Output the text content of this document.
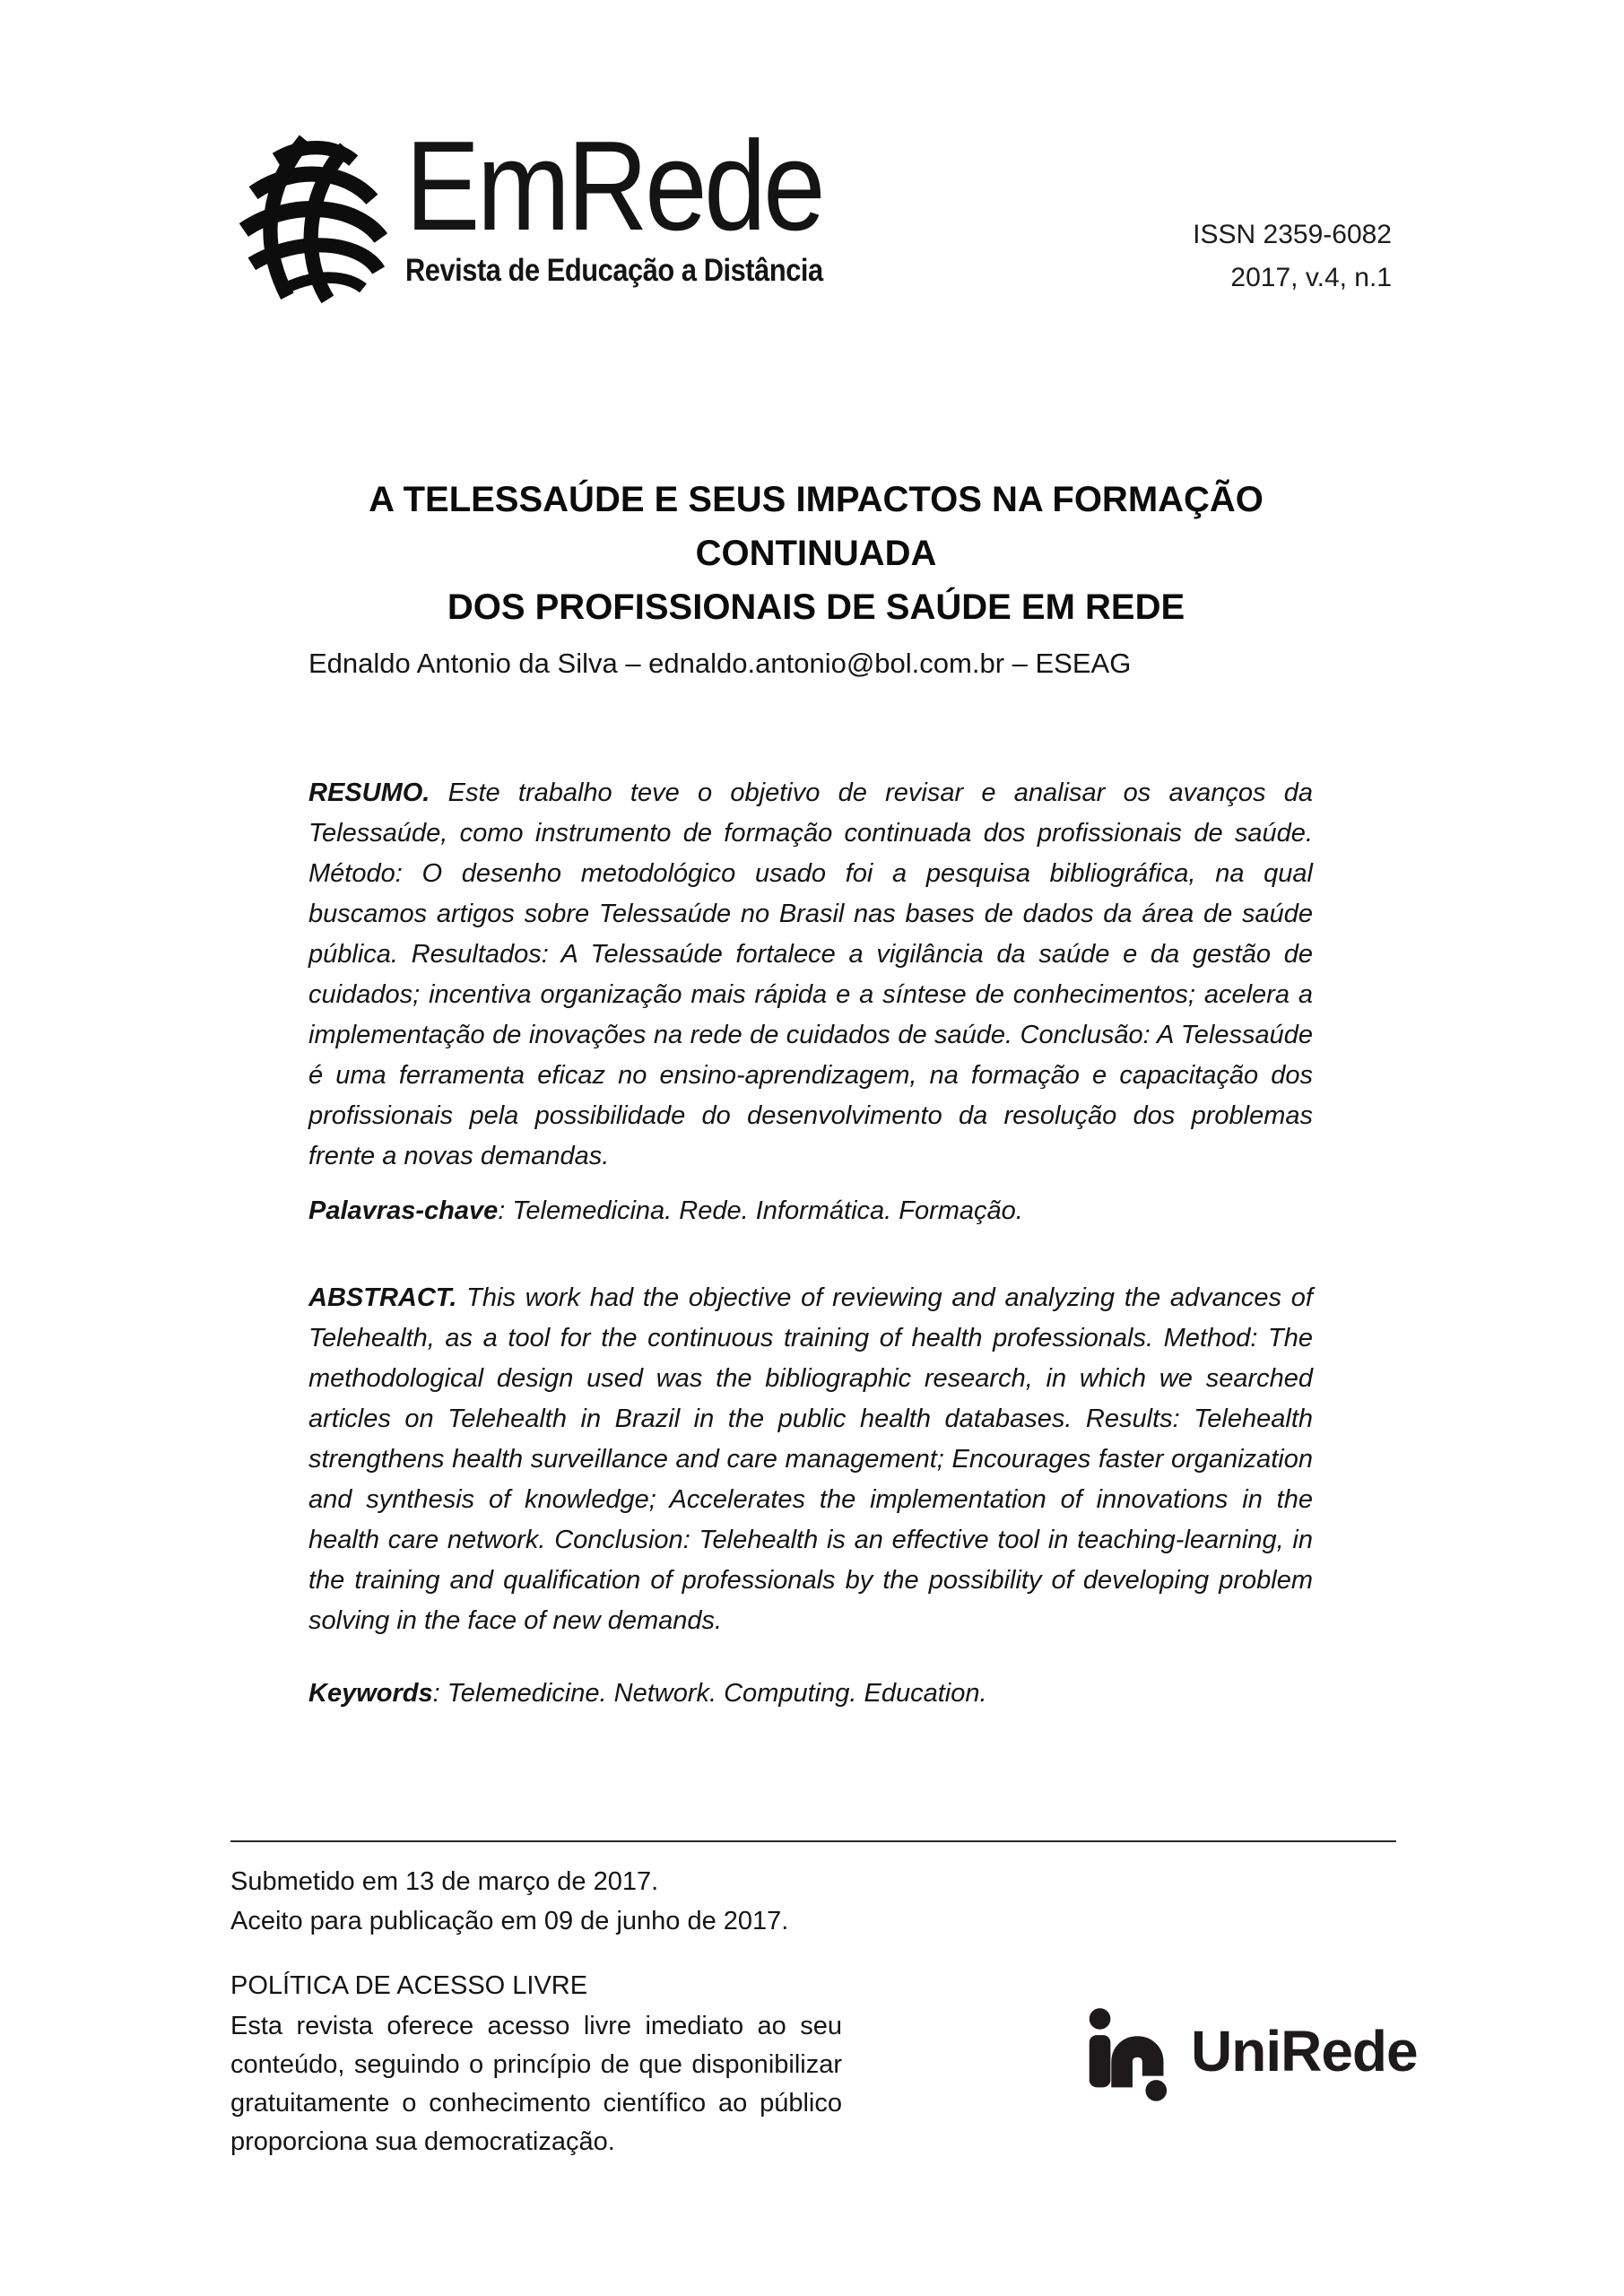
EmRede
Revista de Educação a Distância
ISSN 2359-6082
2017, v.4, n.1
A TELESSAÚDE E SEUS IMPACTOS NA FORMAÇÃO CONTINUADA
DOS PROFISSIONAIS DE SAÚDE EM REDE
Ednaldo Antonio da Silva – ednaldo.antonio@bol.com.br – ESEAG

RESUMO. Este trabalho teve o objetivo de revisar e analisar os avanços da Telessaúde, como instrumento de formação continuada dos profissionais de saúde. Método: O desenho metodológico usado foi a pesquisa bibliográfica, na qual buscamos artigos sobre Telessaúde no Brasil nas bases de dados da área de saúde pública. Resultados: A Telessaúde fortalece a vigilância da saúde e da gestão de cuidados; incentiva organização mais rápida e a síntese de conhecimentos; acelera a implementação de inovações na rede de cuidados de saúde. Conclusão: A Telessaúde é uma ferramenta eficaz no ensino-aprendizagem, na formação e capacitação dos profissionais pela possibilidade do desenvolvimento da resolução dos problemas frente a novas demandas.

Palavras-chave: Telemedicina. Rede. Informática. Formação.

ABSTRACT. This work had the objective of reviewing and analyzing the advances of Telehealth, as a tool for the continuous training of health professionals. Method: The methodological design used was the bibliographic research, in which we searched articles on Telehealth in Brazil in the public health databases. Results: Telehealth strengthens health surveillance and care management; Encourages faster organization and synthesis of knowledge; Accelerates the implementation of innovations in the health care network. Conclusion: Telehealth is an effective tool in teaching-learning, in the training and qualification of professionals by the possibility of developing problem solving in the face of new demands.

Keywords: Telemedicine. Network. Computing. Education.

Submetido em 13 de março de 2017.
Aceito para publicação em 09 de junho de 2017.
POLÍTICA DE ACESSO LIVRE
Esta revista oferece acesso livre imediato ao seu conteúdo, seguindo o princípio de que disponibilizar gratuitamente o conhecimento científico ao público proporciona sua democratização.
UniRede
